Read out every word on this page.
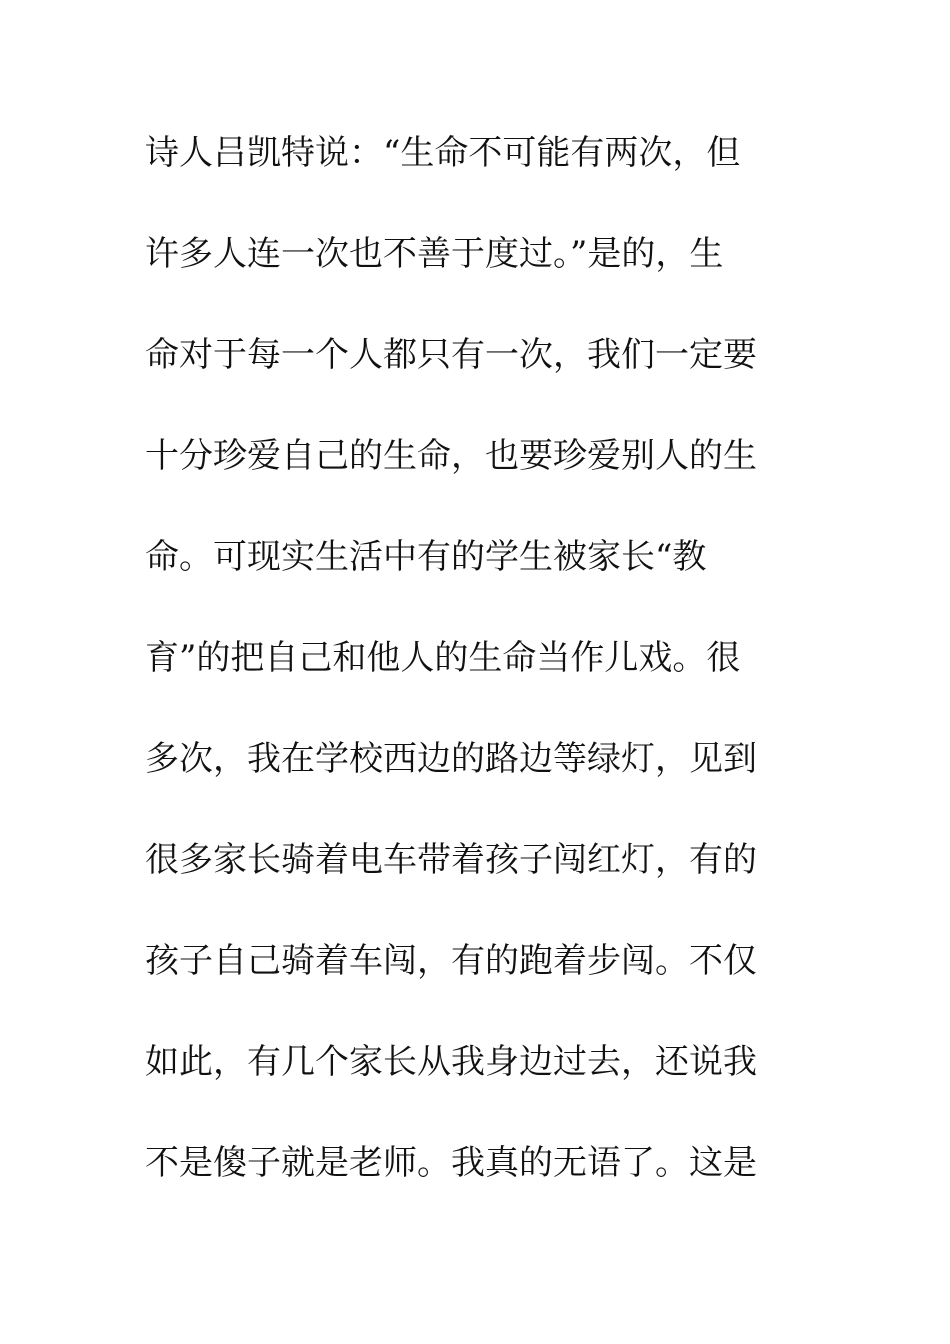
诗人吕凯特说：“生命不可能有两次，但
许多人连一次也不善于度过。”是的，生
命对于每一个人都只有一次，我们一定要
十分珍爱自己的生命，也要珍爱别人的生
命。可现实生活中有的学生被家长“教
育”的把自己和他人的生命当作儿戏。很
多次，我在学校西边的路边等绿灯，见到
很多家长骑着电车带着孩子闯红灯，有的
孩子自己骑着车闯，有的跑着步闯。不仅
如此，有几个家长从我身边过去，还说我
不是傻子就是老师。我真的无语了。这是
